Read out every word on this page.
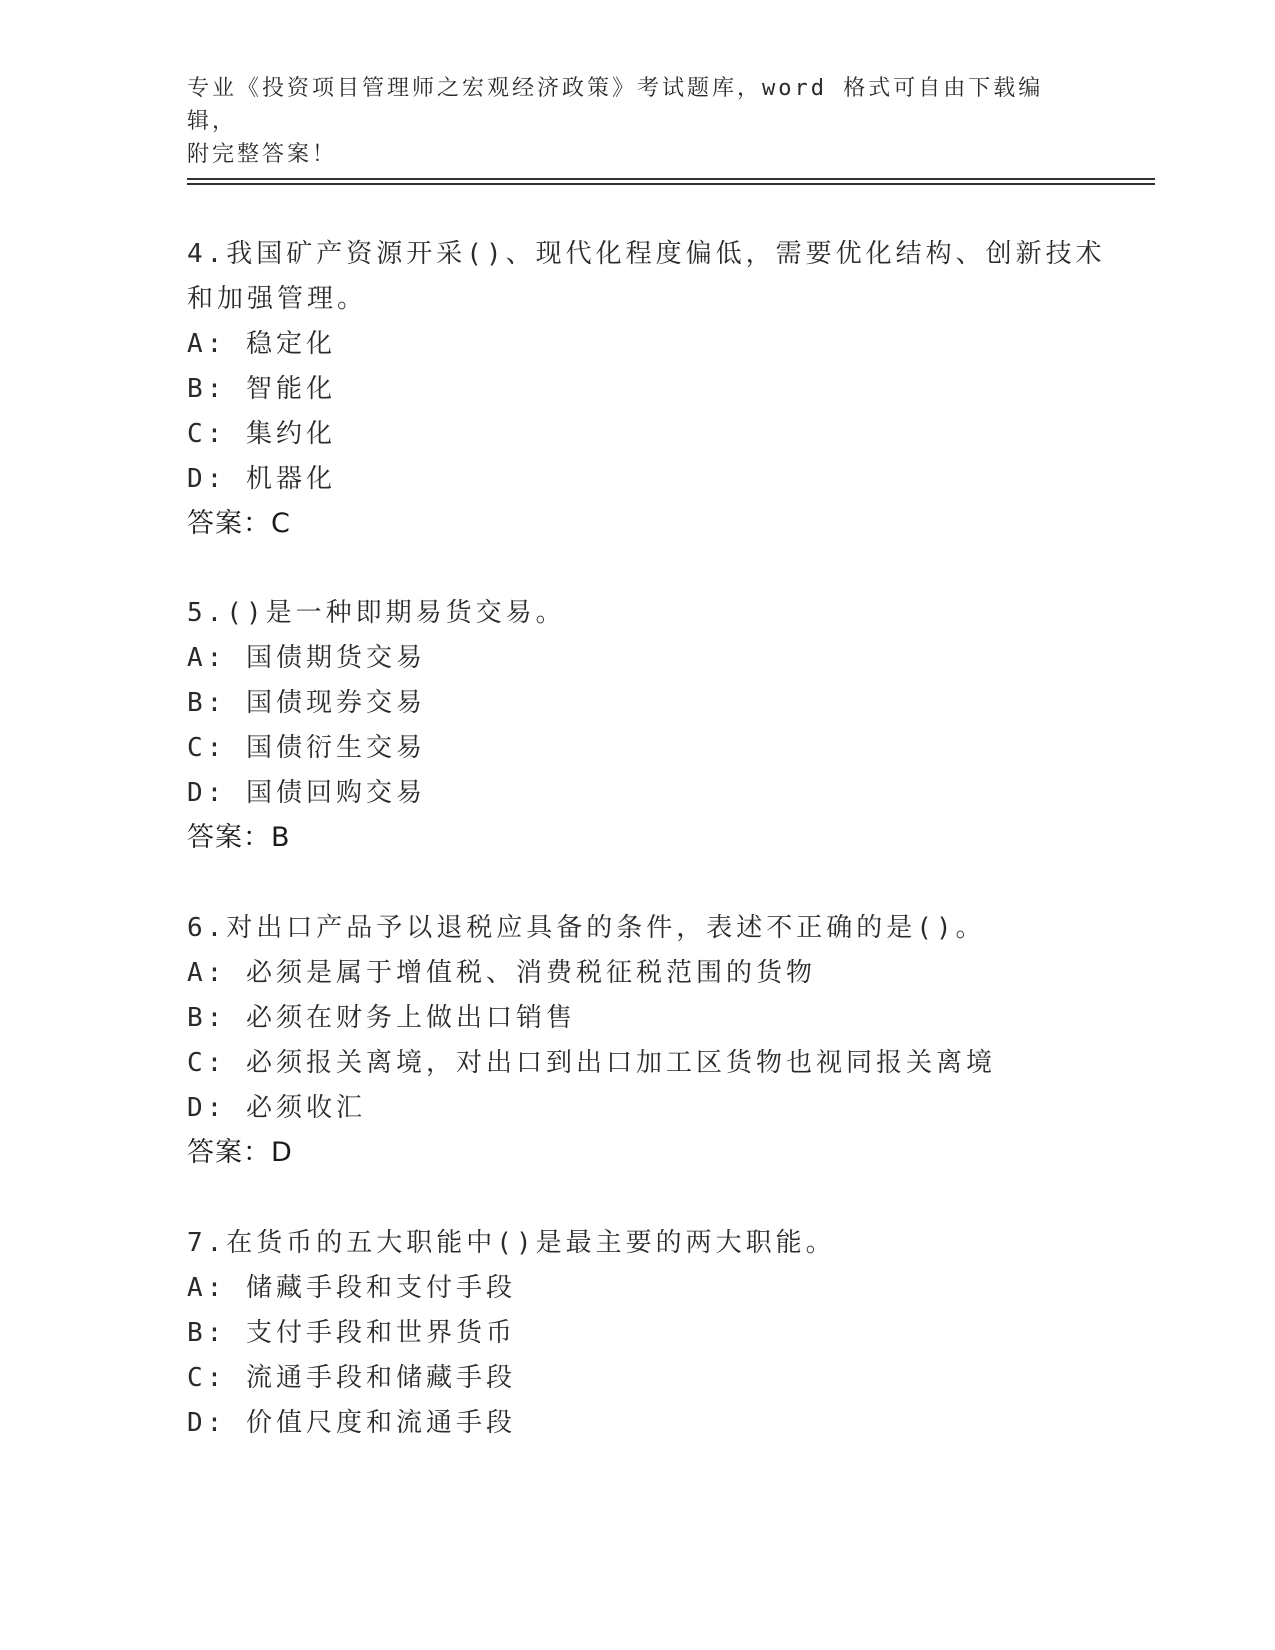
专业《投资项目管理师之宏观经济政策》考试题库，word 格式可自由下载编辑，
附完整答案！
4.我国矿产资源开采()、现代化程度偏低，需要优化结构、创新技术
和加强管理。
A: 稳定化
B: 智能化
C: 集约化
D: 机器化
答案：C
5.()是一种即期易货交易。
A: 国债期货交易
B: 国债现券交易
C: 国债衍生交易
D: 国债回购交易
答案：B
6.对出口产品予以退税应具备的条件，表述不正确的是()。
A: 必须是属于增值税、消费税征税范围的货物
B: 必须在财务上做出口销售
C: 必须报关离境，对出口到出口加工区货物也视同报关离境
D: 必须收汇
答案：D
7.在货币的五大职能中()是最主要的两大职能。
A: 储藏手段和支付手段
B: 支付手段和世界货币
C: 流通手段和储藏手段
D: 价值尺度和流通手段
